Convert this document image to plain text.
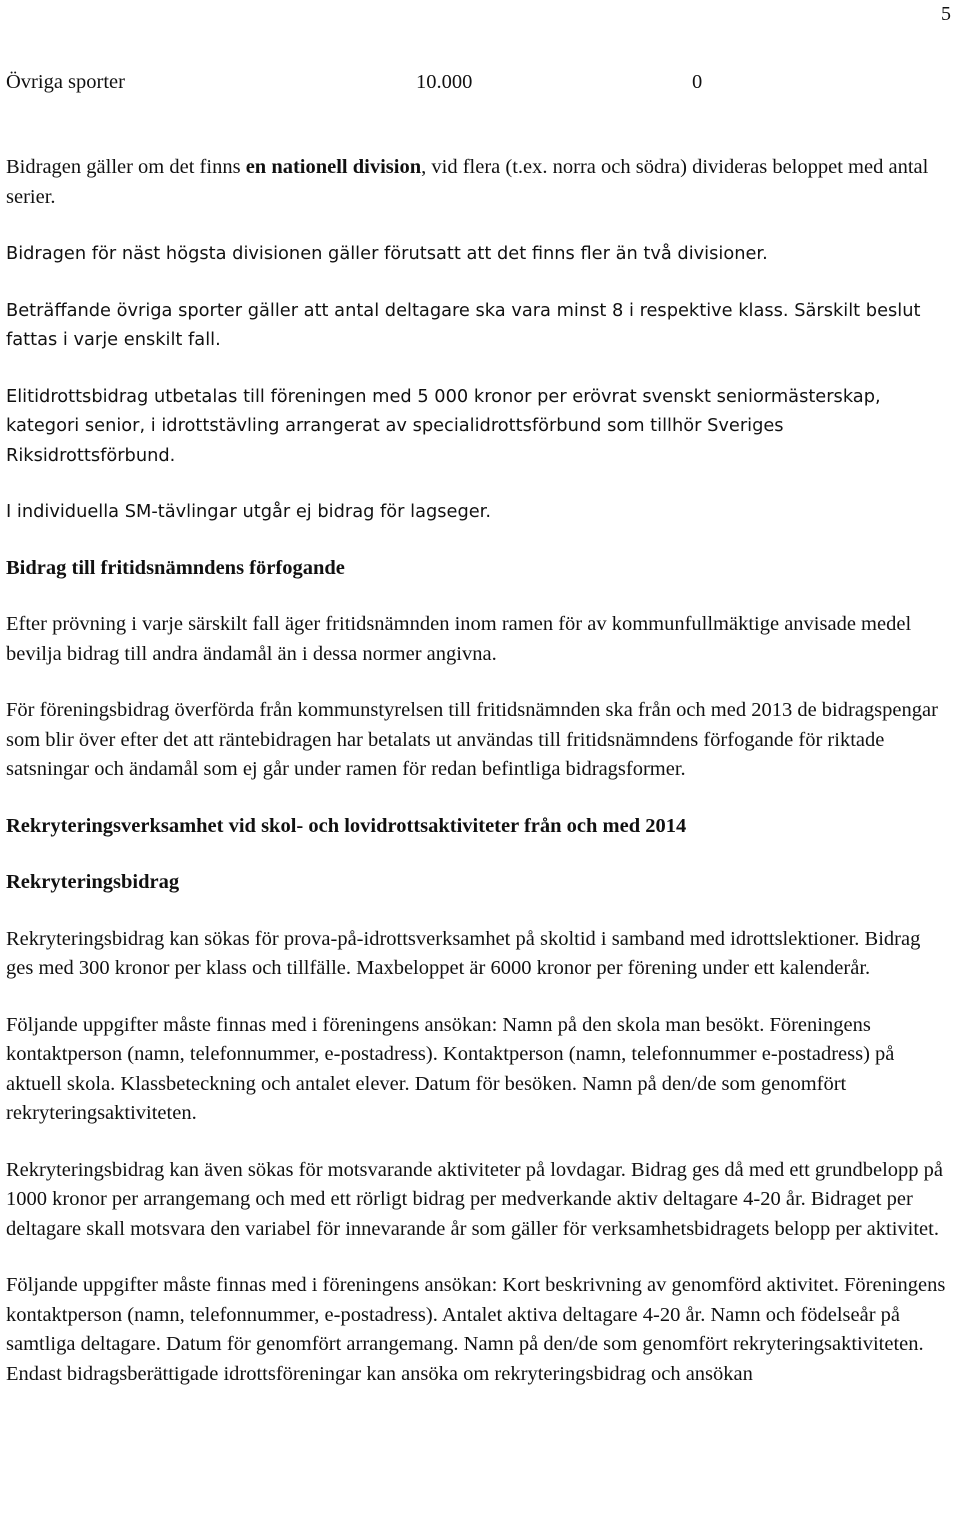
5
Övriga sporter	10.000	0

Bidragen gäller om det finns en nationell division, vid flera (t.ex. norra och södra) divideras beloppet med antal serier.

Bidragen för näst högsta divisionen gäller förutsatt att det finns fler än två divisioner.

Beträffande övriga sporter gäller att antal deltagare ska vara minst 8 i respektive klass. Särskilt beslut fattas i varje enskilt fall.

Elitidrottsbidrag utbetalas till föreningen med 5 000 kronor per erövrat svenskt seniormästerskap, kategori senior, i idrottstävling arrangerat av specialidrottsförbund som tillhör Sveriges Riksidrottsförbund.

I individuella SM-tävlingar utgår ej bidrag för lagseger.

Bidrag till fritidsnämndens förfogande

Efter prövning i varje särskilt fall äger fritidsnämnden inom ramen för av kommunfullmäktige anvisade medel bevilja bidrag till andra ändamål än i dessa normer angivna.

För föreningsbidrag överförda från kommunstyrelsen till fritidsnämnden ska från och med 2013 de bidragspengar som blir över efter det att räntebidragen har betalats ut användas till fritidsnämndens förfogande för riktade satsningar och ändamål som ej går under ramen för redan befintliga bidragsformer.

Rekryteringsverksamhet vid skol- och lovidrottsaktiviteter från och med 2014

Rekryteringsbidrag

Rekryteringsbidrag kan sökas för prova-på-idrottsverksamhet på skoltid i samband med idrottslektioner. Bidrag ges med 300 kronor per klass och tillfälle. Maxbeloppet är 6000 kronor per förening under ett kalenderår.

Följande uppgifter måste finnas med i föreningens ansökan: Namn på den skola man besökt. Föreningens kontaktperson (namn, telefonnummer, e-postadress). Kontaktperson (namn, telefonnummer e-postadress) på aktuell skola. Klassbeteckning och antalet elever. Datum för besöken. Namn på den/de som genomfört rekryteringsaktiviteten.

Rekryteringsbidrag kan även sökas för motsvarande aktiviteter på lovdagar. Bidrag ges då med ett grundbelopp på 1000 kronor per arrangemang och med ett rörligt bidrag per medverkande aktiv deltagare 4-20 år. Bidraget per deltagare skall motsvara den variabel för innevarande år som gäller för verksamhetsbidragets belopp per aktivitet.

Följande uppgifter måste finnas med i föreningens ansökan: Kort beskrivning av genomförd aktivitet. Föreningens kontaktperson (namn, telefonnummer, e-postadress). Antalet aktiva deltagare 4-20 år. Namn och födelseår på samtliga deltagare. Datum för genomfört arrangemang. Namn på den/de som genomfört rekryteringsaktiviteten.

Endast bidragsberättigade idrottsföreningar kan ansöka om rekryteringsbidrag och ansökan
